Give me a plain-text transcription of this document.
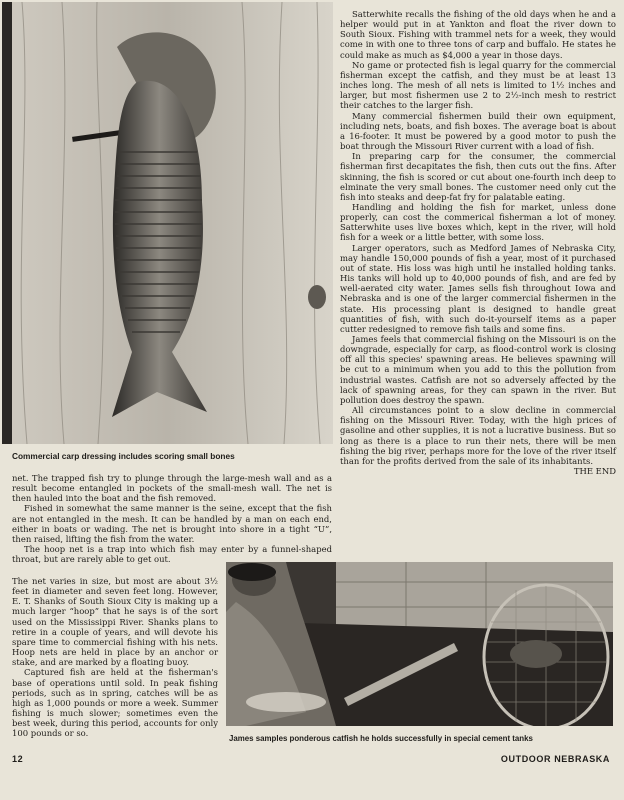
Commercial carp dressing includes scoring small bones

Satterwhite recalls the fishing of the old days when he and a helper would put in at Yankton and float the river down to South Sioux. Fishing with trammel nets for a week, they would come in with one to three tons of carp and buffalo. He states he could make as much as $4,000 a year in those days.

No game or protected fish is legal quarry for the commercial fisherman except the catfish, and they must be at least 13 inches long. The mesh of all nets is limited to 1½ inches and larger, but most fishermen use 2 to 2½-inch mesh to restrict their catches to the larger fish.

Many commercial fishermen build their own equipment, including nets, boats, and fish boxes. The average boat is about a 16-footer. It must be powered by a good motor to push the boat through the Missouri River current with a load of fish.

In preparing carp for the consumer, the commercial fisherman first decapitates the fish, then cuts out the fins. After skinning, the fish is scored or cut about one-fourth inch deep to elminate the very small bones. The customer need only cut the fish into steaks and deep-fat fry for palatable eating.

Handling and holding the fish for market, unless done properly, can cost the commerical fisherman a lot of money. Satterwhite uses live boxes which, kept in the river, will hold fish for a week or a little better, with some loss.

Larger operators, such as Medford James of Nebraska City, may handle 150,000 pounds of fish a year, most of it purchased out of state. His loss was high until he installed holding tanks. His tanks will hold up to 40,000 pounds of fish, and are fed by well-aerated city water. James sells fish throughout Iowa and Nebraska and is one of the larger commercial fishermen in the state. His processing plant is designed to handle great quantities of fish, with such do-it-yourself items as a paper cutter redesigned to remove fish tails and some fins.

James feels that commercial fishing on the Missouri is on the downgrade, especially for carp, as flood-control work is closing off all this species' spawning areas. He believes spawning will be cut to a minimum when you add to this the pollution from industrial wastes. Catfish are not so adversely affected by the lack of spawning areas, for they can spawn in the river. But pollution does destroy the spawn.

All circumstances point to a slow decline in commercial fishing on the Missouri River. Today, with the high prices of gasoline and other supplies, it is not a lucrative business. But so long as there is a place to run their nets, there will be men fishing the big river, perhaps more for the love of the river itself than for the profits derived from the sale of its inhabitants.
THE END

net. The trapped fish try to plunge through the large-mesh wall and as a result become entangled in pockets of the small-mesh wall. The net is then hauled into the boat and the fish removed.

Fished in somewhat the same manner is the seine, except that the fish are not entangled in the mesh. It can be handled by a man on each end, either in boats or wading. The net is brought into shore in a tight “U”, then raised, lifting the fish from the water.

The hoop net is a trap into which fish may enter by a funnel-shaped throat, but are rarely able to get out.

The net varies in size, but most are about 3½ feet in diameter and seven feet long. However, E. T. Shanks of South Sioux City is making up a much larger “hoop” that he says is of the sort used on the Mississippi River. Shanks plans to retire in a couple of years, and will devote his spare time to commercial fishing with his nets. Hoop nets are held in place by an anchor or stake, and are marked by a floating buoy.

Captured fish are held at the fisherman's base of operations until sold. In peak fishing periods, such as in spring, catches will be as high as 1,000 pounds or more a week. Summer fishing is much slower; sometimes even the best week, during this period, accounts for only 100 pounds or so.

James samples ponderous catfish he holds successfully in special cement tanks
12	OUTDOOR NEBRASKA
